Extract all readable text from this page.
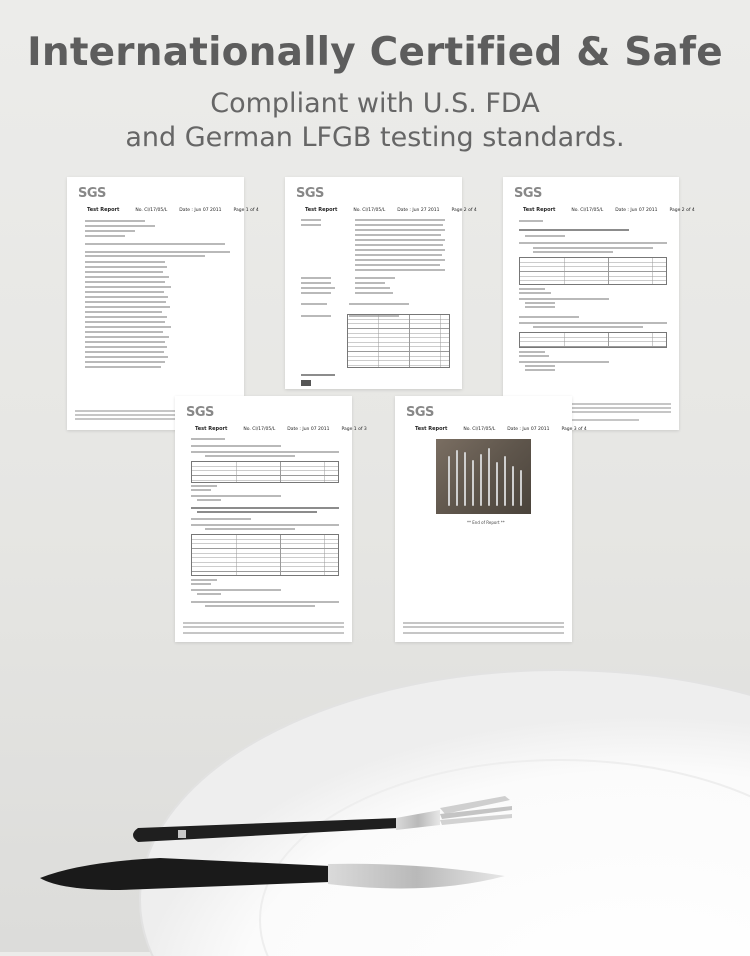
Internationally Certified & Safe
Compliant with U.S. FDA
and German LFGB testing standards.
SGS
Test Report	No. CI/17/05/L	Date : Jun 07 2011	Page 1 of 4
SGS
Test Report	No. CI/17/05/L	Date : Jun 27 2011	Page 2 of 4
SGS
Test Report	No. CI/17/05/L	Date : Jun 07 2011	Page 2 of 4
SGS
Test Report	No. CI/17/05/L	Date : Jun 07 2011	Page 1 of 3
SGS
Test Report	No. CI/17/05/L	Date : Jun 07 2011	Page 3 of 4
** End of Report **
